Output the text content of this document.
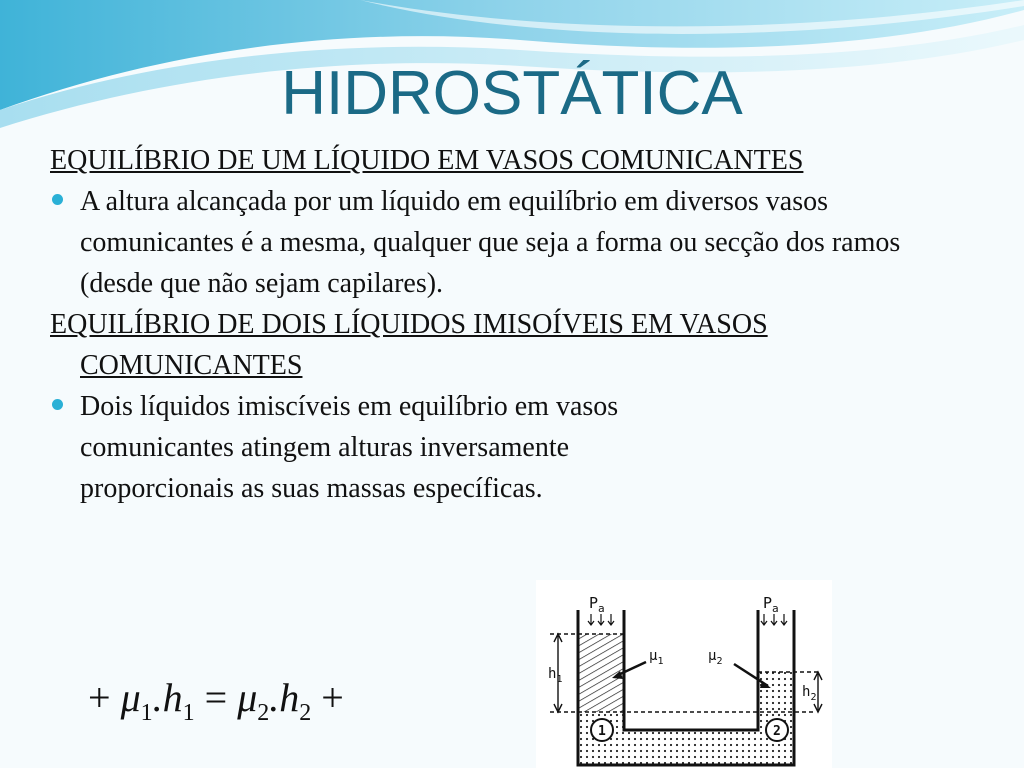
HIDROSTÁTICA

EQUILÍBRIO DE UM LÍQUIDO EM VASOS COMUNICANTES

A altura alcançada por um líquido em equilíbrio em diversos vasos comunicantes é a mesma, qualquer que seja a forma ou secção dos ramos (desde que não sejam capilares).

EQUILÍBRIO DE DOIS LÍQUIDOS IMISOÍVEIS EM VASOS COMUNICANTES

Dois líquidos imiscíveis em equilíbrio em vasos comunicantes atingem alturas inversamente proporcionais as suas massas específicas.

+ $\mu_1.h_1 = \mu_2.h_2$ +
$P_a$	$P_a$
$\mu_1$	$\mu_2$
$h_1$
$h_2$
1	2
